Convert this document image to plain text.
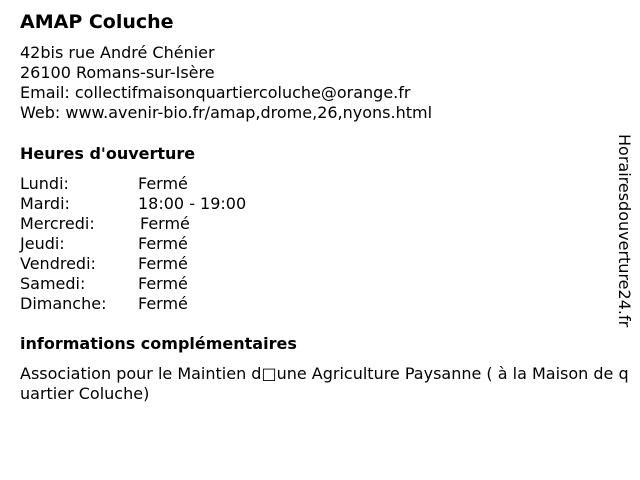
AMAP Coluche
42bis rue André Chénier
26100 Romans-sur-Isère
Email: collectifmaisonquartiercoluche@orange.fr
Web: www.avenir-bio.fr/amap,drome,26,nyons.html
Heures d'ouverture
Lundi:	Fermé
Mardi:	18:00 - 19:00
Mercredi:	Fermé
Jeudi:	Fermé
Vendredi:	Fermé
Samedi:	Fermé
Dimanche: Fermé
informations complémentaires
Association pour le Maintien d□une Agriculture Paysanne ( à la Maison de quartier Coluche)
Horairesdouverture24.fr
